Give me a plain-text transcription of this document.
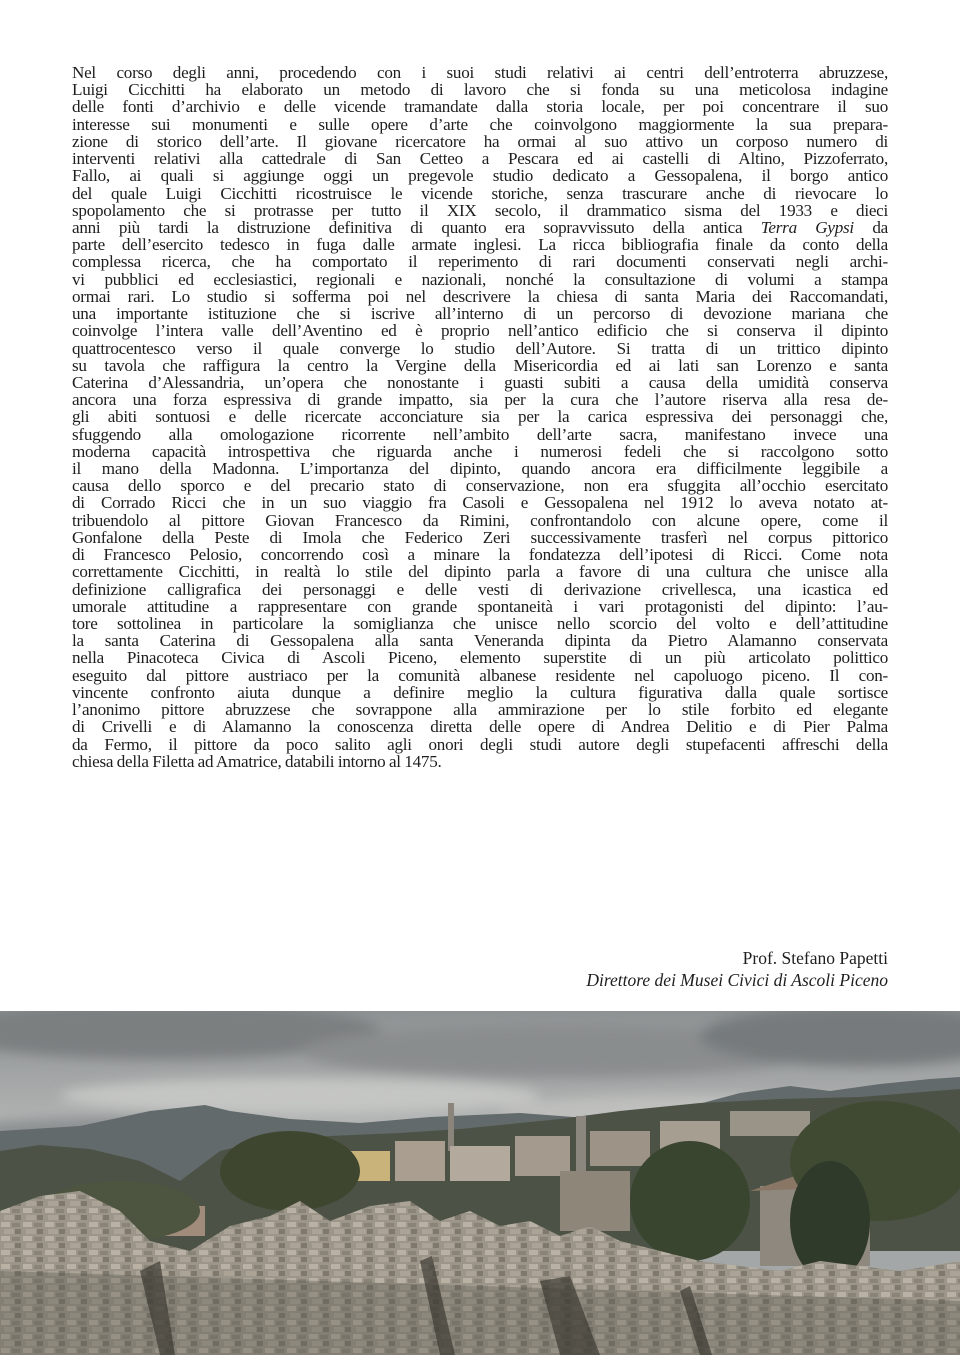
Nel corso degli anni, procedendo con i suoi studi relativi ai centri dell’entroterra abruzzese,
Luigi Cicchitti ha elaborato un metodo di lavoro che si fonda su una meticolosa indagine
delle fonti d’archivio e delle vicende tramandate dalla storia locale, per poi concentrare il suo
interesse sui monumenti e sulle opere d’arte che coinvolgono maggiormente la sua prepara-
zione di storico dell’arte. Il giovane ricercatore ha ormai al suo attivo un corposo numero di
interventi relativi alla cattedrale di San Cetteo a Pescara ed ai castelli di Altino, Pizzoferrato,
Fallo, ai quali si aggiunge oggi un pregevole studio dedicato a Gessopalena, il borgo antico
del quale Luigi Cicchitti ricostruisce le vicende storiche, senza trascurare anche di rievocare lo
spopolamento che si protrasse per tutto il XIX secolo, il drammatico sisma del 1933 e dieci
anni più tardi la distruzione definitiva di quanto era sopravvissuto della antica Terra Gypsi da
parte dell’esercito tedesco in fuga dalle armate inglesi. La ricca bibliografia finale da conto della
complessa ricerca, che ha comportato il reperimento di rari documenti conservati negli archi-
vi pubblici ed ecclesiastici, regionali e nazionali, nonché la consultazione di volumi a stampa
ormai rari. Lo studio si sofferma poi nel descrivere la chiesa di santa Maria dei Raccomandati,
una importante istituzione che si iscrive all’interno di un percorso di devozione mariana che
coinvolge l’intera valle dell’Aventino ed è proprio nell’antico edificio che si conserva il dipinto
quattrocentesco verso il quale converge lo studio dell’Autore. Si tratta di un trittico dipinto
su tavola che raffigura la centro la Vergine della Misericordia ed ai lati san Lorenzo e santa
Caterina d’Alessandria, un’opera che nonostante i guasti subiti a causa della umidità conserva
ancora una forza espressiva di grande impatto, sia per la cura che l’autore riserva alla resa de-
gli abiti sontuosi e delle ricercate acconciature sia per la carica espressiva dei personaggi che,
sfuggendo alla omologazione ricorrente nell’ambito dell’arte sacra, manifestano invece una
moderna capacità introspettiva che riguarda anche i numerosi fedeli che si raccolgono sotto
il mano della Madonna. L’importanza del dipinto, quando ancora era difficilmente leggibile a
causa dello sporco e del precario stato di conservazione, non era sfuggita all’occhio esercitato
di Corrado Ricci che in un suo viaggio fra Casoli e Gessopalena nel 1912 lo aveva notato at-
tribuendolo al pittore Giovan Francesco da Rimini, confrontandolo con alcune opere, come il
Gonfalone della Peste di Imola che Federico Zeri successivamente trasferì nel corpus pittorico
di Francesco Pelosio, concorrendo così a minare la fondatezza dell’ipotesi di Ricci. Come nota
correttamente Cicchitti, in realtà lo stile del dipinto parla a favore di una cultura che unisce alla
definizione calligrafica dei personaggi e delle vesti di derivazione crivellesca, una icastica ed
umorale attitudine a rappresentare con grande spontaneità i vari protagonisti del dipinto: l’au-
tore sottolinea in particolare la somiglianza che unisce nello scorcio del volto e dell’attitudine
la santa Caterina di Gessopalena alla santa Veneranda dipinta da Pietro Alamanno conservata
nella Pinacoteca Civica di Ascoli Piceno, elemento superstite di un più articolato polittico
eseguito dal pittore austriaco per la comunità albanese residente nel capoluogo piceno. Il con-
vincente confronto aiuta dunque a definire meglio la cultura figurativa dalla quale sortisce
l’anonimo pittore abruzzese che sovrappone alla ammirazione per lo stile forbito ed elegante
di Crivelli e di Alamanno la conoscenza diretta delle opere di Andrea Delitio e di Pier Palma
da Fermo, il pittore da poco salito agli onori degli studi autore degli stupefacenti affreschi della
chiesa della Filetta ad Amatrice, databili intorno al 1475.
Prof. Stefano Papetti
Direttore dei Musei Civici di Ascoli Piceno
